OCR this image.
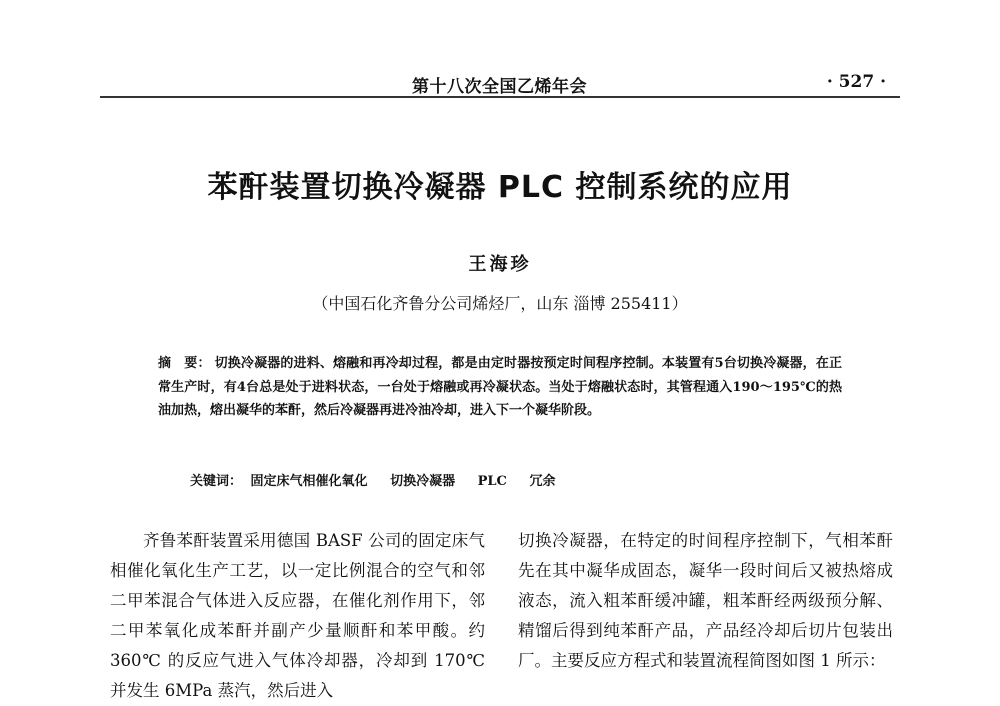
第十八次全国乙烯年会	· 527 ·
苯酐装置切换冷凝器 PLC 控制系统的应用
王海珍
（中国石化齐鲁分公司烯烃厂，山东 淄博 255411）
摘　要： 切换冷凝器的进料、熔融和再冷却过程，都是由定时器按预定时间程序控制。本装置有5台切换冷凝器，在正常生产时，有4台总是处于进料状态，一台处于熔融或再冷凝状态。当处于熔融状态时，其管程通入190～195℃的热油加热，熔出凝华的苯酐，然后冷凝器再进冷油冷却，进入下一个凝华阶段。
关键词： 固定床气相催化氧化 切换冷凝器 PLC 冗余
齐鲁苯酐装置采用德国 BASF 公司的固定床气相催化氧化生产工艺，以一定比例混合的空气和邻二甲苯混合气体进入反应器，在催化剂作用下，邻二甲苯氧化成苯酐并副产少量顺酐和苯甲酸。约 360℃ 的反应气进入气体冷却器，冷却到 170℃ 并发生 6MPa 蒸汽，然后进入
切换冷凝器，在特定的时间程序控制下，气相苯酐先在其中凝华成固态，凝华一段时间后又被热熔成液态，流入粗苯酐缓冲罐，粗苯酐经两级预分解、精馏后得到纯苯酐产品，产品经冷却后切片包装出厂。主要反应方程式和装置流程简图如图 1 所示：
